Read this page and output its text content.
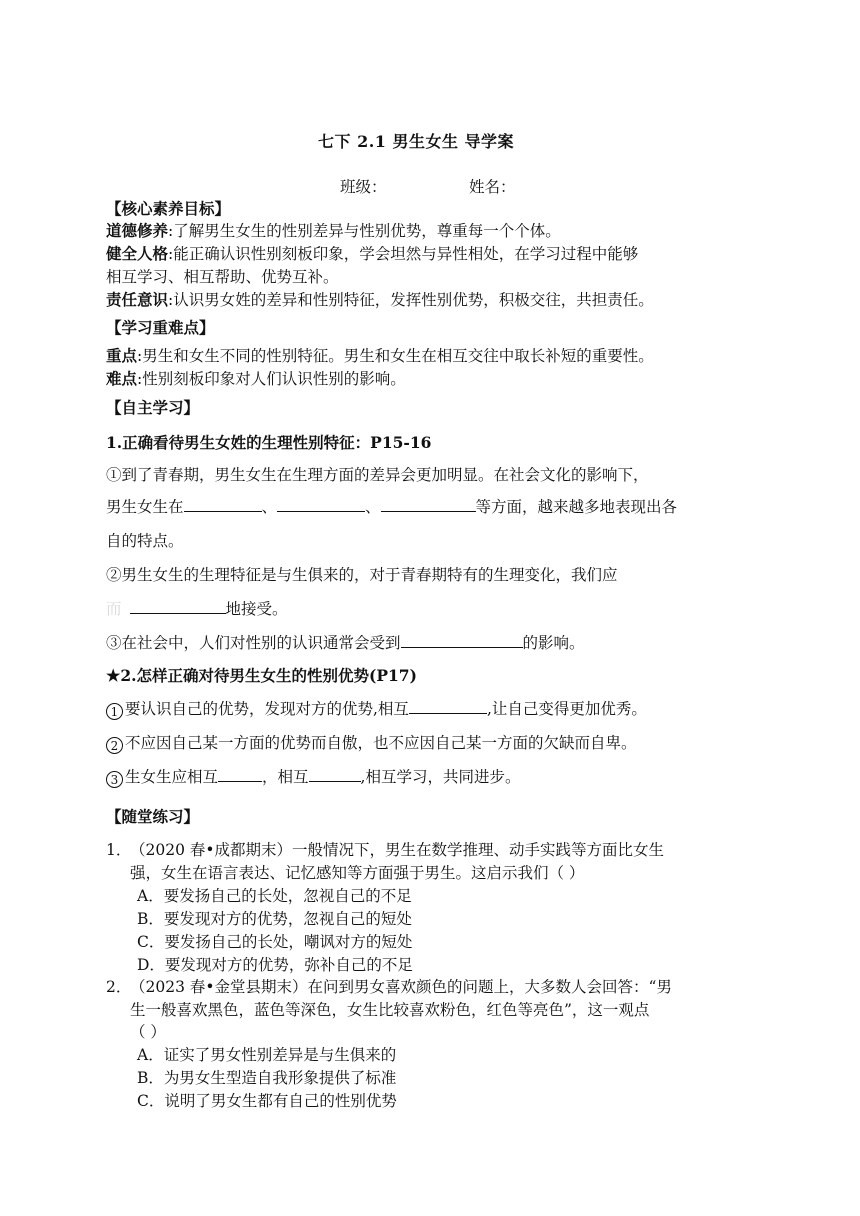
七下 2.1 男生女生 导学案
班级：	姓名：
【核心素养目标】
道德修养:了解男生女生的性别差异与性别优势，尊重每一个个体。
健全人格:能正确认识性别刻板印象，学会坦然与异性相处，在学习过程中能够
相互学习、相互帮助、优势互补。
责任意识:认识男女姓的差异和性别特征，发挥性别优势，积极交往，共担责任。
【学习重难点】
重点:男生和女生不同的性别特征。男生和女生在相互交往中取长补短的重要性。
难点:性别刻板印象对人们认识性别的影响。
【自主学习】
1.正确看待男生女姓的生理性别特征：P15-16
①到了青春期，男生女生在生理方面的差异会更加明显。在社会文化的影响下，
男生女生在	、	、	等方面，越来越多地表现出各
自的特点。
②男生女生的生理特征是与生俱来的，对于青春期特有的生理变化，我们应
而	地接受。
③在社会中，人们对性别的认识通常会受到	的影响。
★2.怎样正确对待男生女生的性别优势(P17)
1 要认识自己的优势，发现对方的优势,相互	,让自己变得更加优秀。
2 不应因自己某一方面的优势而自傲，也不应因自己某一方面的欠缺而自卑。
3 生女生应相互	，相互	,相互学习，共同进步。
【随堂练习】
1．
（2020 春•成都期末）一般情况下，男生在数学推理、动手实践等方面比女生
强，女生在语言表达、记忆感知等方面强于男生。这启示我们（ ）
A．要发扬自己的长处，忽视自己的不足
B．要发现对方的优势，忽视自己的短处
C．要发扬自己的长处，嘲讽对方的短处
D．要发现对方的优势，弥补自己的不足
2．
（2023 春•金堂县期末）在问到男女喜欢颜色的问题上，大多数人会回答：“男
生一般喜欢黑色，蓝色等深色，女生比较喜欢粉色，红色等亮色”，这一观点
（ ）
A．证实了男女性别差异是与生俱来的
B．为男女生型造自我形象提供了标准
C．说明了男女生都有自己的性别优势
